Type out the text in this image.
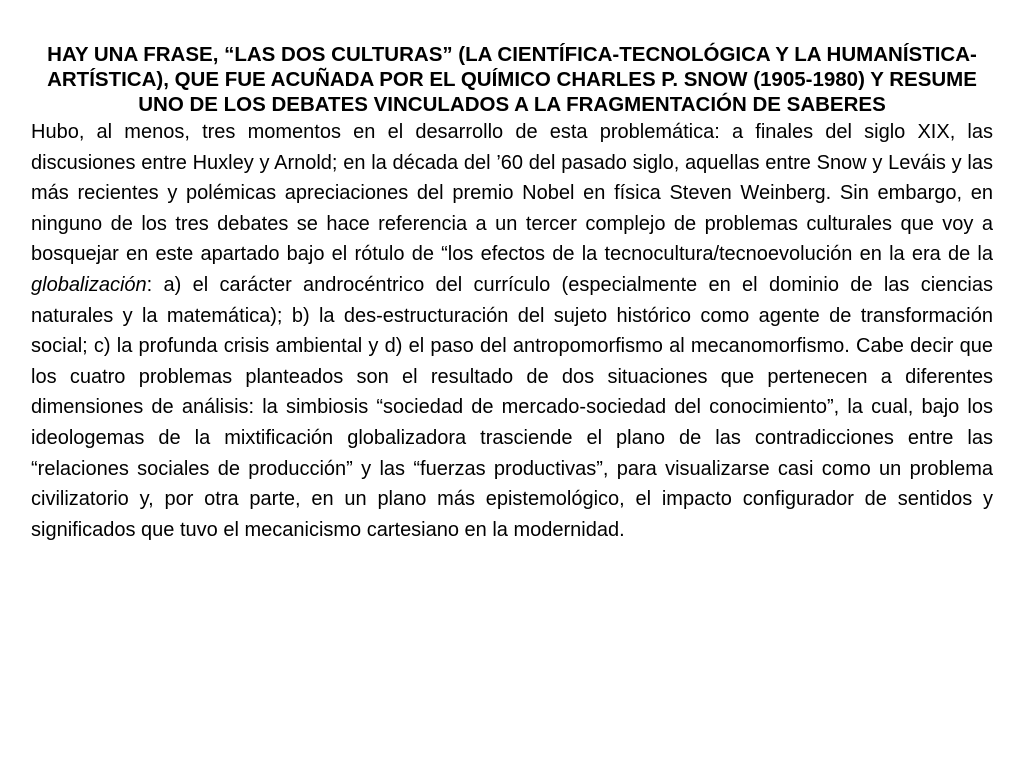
HAY UNA FRASE, “LAS DOS CULTURAS” (LA CIENTÍFICA-TECNOLÓGICA Y LA HUMANÍSTICA-ARTÍSTICA), QUE FUE ACUÑADA POR EL QUÍMICO CHARLES P. SNOW (1905-1980) Y RESUME UNO DE LOS DEBATES VINCULADOS A LA FRAGMENTACIÓN DE SABERES

Hubo, al menos, tres momentos en el desarrollo de esta problemática: a finales del siglo XIX, las discusiones entre Huxley y Arnold; en la década del ’60 del pasado siglo, aquellas entre Snow y Leváis y las más recientes y polémicas apreciaciones del premio Nobel en física Steven Weinberg. Sin embargo, en ninguno de los tres debates se hace referencia a un tercer complejo de problemas culturales que voy a bosquejar en este apartado bajo el rótulo de “los efectos de la tecnocultura/tecnoevolución en la era de la globalización: a) el carácter androcéntrico del currículo (especialmente en el dominio de las ciencias naturales y la matemática); b) la des-estructuración del sujeto histórico como agente de transformación social; c) la profunda crisis ambiental y d) el paso del antropomorfismo al mecanomorfismo. Cabe decir que los cuatro problemas planteados son el resultado de dos situaciones que pertenecen a diferentes dimensiones de análisis: la simbiosis “sociedad de mercado-sociedad del conocimiento”, la cual, bajo los ideologemas de la mixtificación globalizadora trasciende el plano de las contradicciones entre las “relaciones sociales de producción” y las “fuerzas productivas”, para visualizarse casi como un problema civilizatorio y, por otra parte, en un plano más epistemológico, el impacto configurador de sentidos y significados que tuvo el mecanicismo cartesiano en la modernidad.
